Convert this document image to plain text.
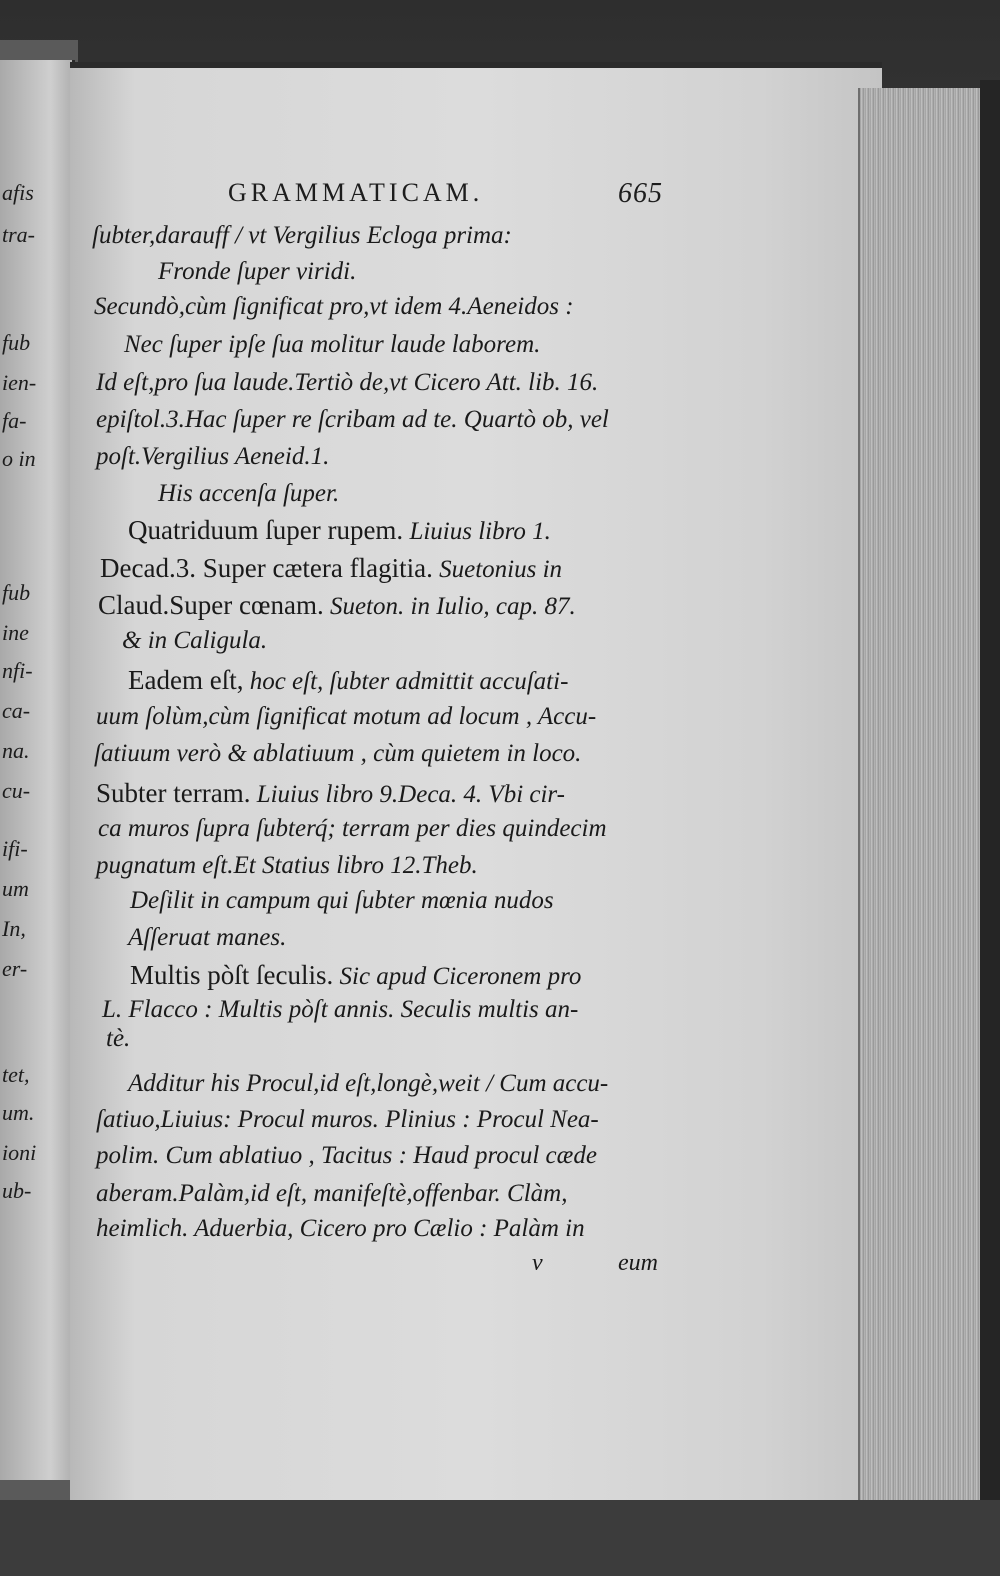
afis
tra-
fub
ien-
fa-
o in
fub
ine
nfi-
ca-
na.
cu-
ifi-
um
In,
er-
tet,
um.
ioni
ub-
GRAMMATICAM.	665
ſubter,darauff / vt Vergilius Ecloga prima:
Fronde ſuper viridi.
Secundò,cùm ſignificat pro,vt idem 4.Aeneidos :
Nec ſuper ipſe ſua molitur laude laborem.
Id eſt,pro ſua laude.Tertiò de,vt Cicero Att. lib. 16.
epiſtol.3.Hac ſuper re ſcribam ad te. Quartò ob, vel
poſt.Vergilius Aeneid.1.
His accenſa ſuper.
Quatriduum ſuper rupem. Liuius libro 1.
Decad.3. Super cætera flagitia. Suetonius in
Claud.Super cœnam. Sueton. in Iulio, cap. 87.
& in Caligula.
Eadem eſt, hoc eſt, ſubter admittit accuſati-
uum ſolùm,cùm ſignificat motum ad locum , Accu-
ſatiuum verò & ablatiuum , cùm quietem in loco.
Subter terram. Liuius libro 9.Deca. 4. Vbi cir-
ca muros ſupra ſubterq́; terram per dies quindecim
pugnatum eſt.Et Statius libro 12.Theb.
Deſilit in campum qui ſubter mœnia nudos
Aſſeruat manes.
Multis pòſt ſeculis. Sic apud Ciceronem pro
L. Flacco : Multis pòſt annis. Seculis multis an-
tè.
Additur his Procul,id eſt,longè,weit / Cum accu-
ſatiuo,Liuius: Procul muros. Plinius : Procul Nea-
polim. Cum ablatiuo , Tacitus : Haud procul cæde
aberam.Palàm,id eſt, manifeſtè,offenbar. Clàm,
heimlich. Aduerbia, Cicero pro Cælio : Palàm in
v	eum
